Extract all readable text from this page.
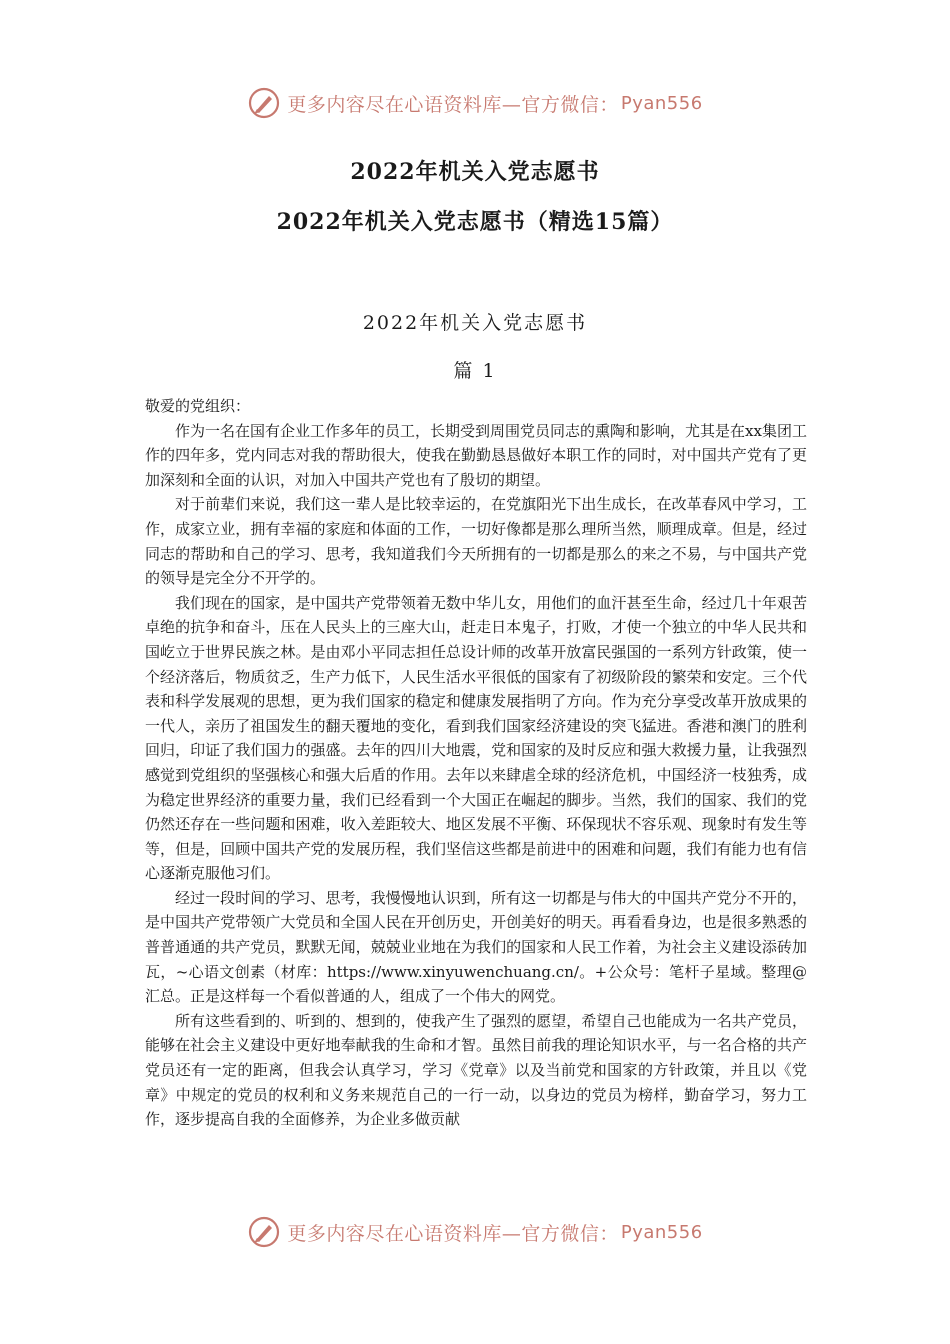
更多内容尽在心语资料库—官方微信： Pyan556
2022年机关入党志愿书
2022年机关入党志愿书（精选15篇）
2022年机关入党志愿书
篇 1

敬爱的党组织：

作为一名在国有企业工作多年的员工，长期受到周围党员同志的熏陶和影响，尤其是在xx集团工作的四年多，党内同志对我的帮助很大，使我在勤勤恳恳做好本职工作的同时，对中国共产党有了更加深刻和全面的认识，对加入中国共产党也有了殷切的期望。

对于前辈们来说，我们这一辈人是比较幸运的，在党旗阳光下出生成长，在改革春风中学习，工作，成家立业，拥有幸福的家庭和体面的工作，一切好像都是那么理所当然，顺理成章。但是，经过同志的帮助和自己的学习、思考，我知道我们今天所拥有的一切都是那么的来之不易，与中国共产党的领导是完全分不开学的。

我们现在的国家，是中国共产党带领着无数中华儿女，用他们的血汗甚至生命，经过几十年艰苦卓绝的抗争和奋斗，压在人民头上的三座大山，赶走日本鬼子，打败，才使一个独立的中华人民共和国屹立于世界民族之林。是由邓小平同志担任总设计师的改革开放富民强国的一系列方针政策，使一个经济落后，物质贫乏，生产力低下，人民生活水平很低的国家有了初级阶段的繁荣和安定。三个代表和科学发展观的思想，更为我们国家的稳定和健康发展指明了方向。作为充分享受改革开放成果的一代人，亲历了祖国发生的翻天覆地的变化，看到我们国家经济建设的突飞猛进。香港和澳门的胜利回归，印证了我们国力的强盛。去年的四川大地震，党和国家的及时反应和强大救援力量，让我强烈感觉到党组织的坚强核心和强大后盾的作用。去年以来肆虐全球的经济危机，中国经济一枝独秀，成为稳定世界经济的重要力量，我们已经看到一个大国正在崛起的脚步。当然，我们的国家、我们的党仍然还存在一些问题和困难，收入差距较大、地区发展不平衡、环保现状不容乐观、现象时有发生等等，但是，回顾中国共产党的发展历程，我们坚信这些都是前进中的困难和问题，我们有能力也有信心逐渐克服他习们。

经过一段时间的学习、思考，我慢慢地认识到，所有这一切都是与伟大的中国共产党分不开的，是中国共产党带领广大党员和全国人民在开创历史，开创美好的明天。再看看身边，也是很多熟悉的普普通通的共产党员，默默无闻，兢兢业业地在为我们的国家和人民工作着，为社会主义建设添砖加瓦，~心语文创素（材库：https://www.xinyuwenchuang.cn/。+公众号：笔杆子星域。整理@汇总。正是这样每一个看似普通的人，组成了一个伟大的网党。

所有这些看到的、听到的、想到的，使我产生了强烈的愿望，希望自己也能成为一名共产党员，能够在社会主义建设中更好地奉献我的生命和才智。虽然目前我的理论知识水平，与一名合格的共产党员还有一定的距离，但我会认真学习，学习《党章》以及当前党和国家的方针政策，并且以《党章》中规定的党员的权利和义务来规范自己的一行一动，以身边的党员为榜样，勤奋学习，努力工作，逐步提高自我的全面修养，为企业多做贡献

更多内容尽在心语资料库—官方微信： Pyan556
